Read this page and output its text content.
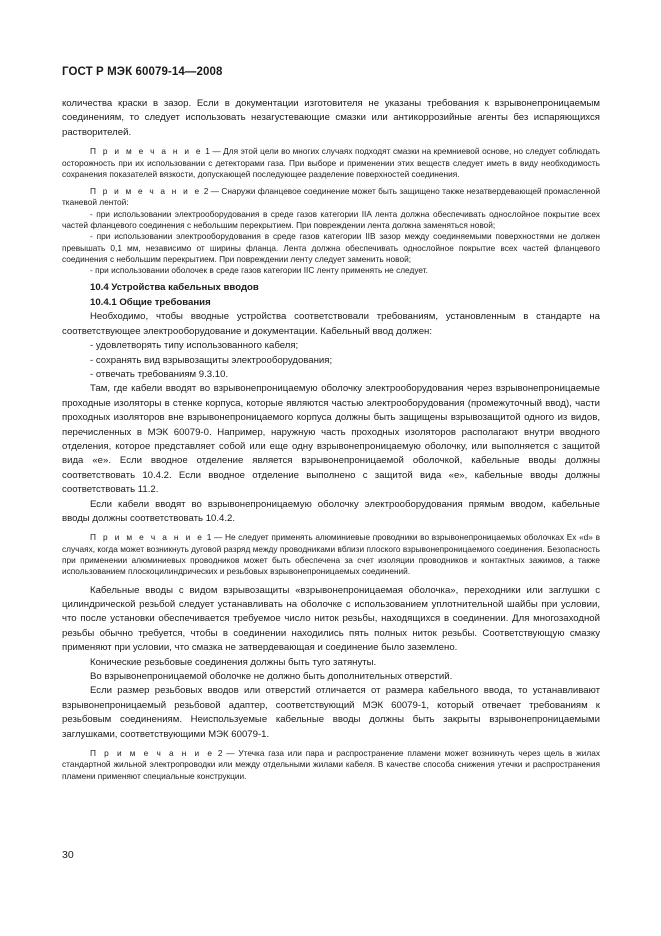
ГОСТ Р МЭК 60079-14—2008

количества краски в зазор. Если в документации изготовителя не указаны требования к взрывонепроницаемым соединениям, то следует использовать незагустевающие смазки или антикоррозийные агенты без испаряющихся растворителей.

П р и м е ч а н и е 1 — Для этой цели во многих случаях подходят смазки на кремниевой основе, но следует соблюдать осторожность при их использовании с детекторами газа. При выборе и применении этих веществ следует иметь в виду необходимость сохранения показателей вязкости, допускающей последующее разделение поверхностей соединения.

П р и м е ч а н и е 2 — Снаружи фланцевое соединение может быть защищено также незатвердевающей промасленной тканевой лентой:

- при использовании электрооборудования в среде газов категории IIA лента должна обеспечивать однослойное покрытие всех частей фланцевого соединения с небольшим перекрытием. При повреждении лента должна заменяться новой;

- при использовании электрооборудования в среде газов категории IIB зазор между соединяемыми поверхностями не должен превышать 0,1 мм, независимо от ширины фланца. Лента должна обеспечивать однослойное покрытие всех частей фланцевого соединения с небольшим перекрытием. При повреждении ленту следует заменить новой;

- при использовании оболочек в среде газов категории IIC ленту применять не следует.

10.4 Устройства кабельных вводов
10.4.1 Общие требования

Необходимо, чтобы вводные устройства соответствовали требованиям, установленным в стандарте на соответствующее электрооборудование и документации. Кабельный ввод должен:

- удовлетворять типу использованного кабеля;

- сохранять вид взрывозащиты электрооборудования;

- отвечать требованиям 9.3.10.

Там, где кабели вводят во взрывонепроницаемую оболочку электрооборудования через взрывонепроницаемые проходные изоляторы в стенке корпуса, которые являются частью электрооборудования (промежуточный ввод), части проходных изоляторов вне взрывонепроницаемого корпуса должны быть защищены взрывозащитой одного из видов, перечисленных в МЭК 60079-0. Например, наружную часть проходных изоляторов располагают внутри вводного отделения, которое представляет собой или еще одну взрывонепроницаемую оболочку, или выполняется с защитой вида «е». Если вводное отделение является взрывонепроницаемой оболочкой, кабельные вводы должны соответствовать 10.4.2. Если вводное отделение выполнено с защитой вида «е», кабельные вводы должны соответствовать 11.2.

Если кабели вводят во взрывонепроницаемую оболочку электрооборудования прямым вводом, кабельные вводы должны соответствовать 10.4.2.

П р и м е ч а н и е 1 — Не следует применять алюминиевые проводники во взрывонепроницаемых оболочках Ex «d» в случаях, когда может возникнуть дуговой разряд между проводниками вблизи плоского взрывонепроницаемого соединения. Безопасность при применении алюминиевых проводников может быть обеспечена за счет изоляции проводников и контактных зажимов, а также использованием плоскоцилиндрических и резьбовых взрывонепроницаемых соединений.

Кабельные вводы с видом взрывозащиты «взрывонепроницаемая оболочка», переходники или заглушки с цилиндрической резьбой следует устанавливать на оболочке с использованием уплотнительной шайбы при условии, что после установки обеспечивается требуемое число ниток резьбы, находящихся в соединении. Для многозаходной резьбы обычно требуется, чтобы в соединении находились пять полных ниток резьбы. Соответствующую смазку применяют при условии, что смазка не затвердевающая и соединение было заземлено.

Конические резьбовые соединения должны быть туго затянуты.

Во взрывонепроницаемой оболочке не должно быть дополнительных отверстий.

Если размер резьбовых вводов или отверстий отличается от размера кабельного ввода, то устанавливают взрывонепроницаемый резьбовой адаптер, соответствующий МЭК 60079-1, который отвечает требованиям к резьбовым соединениям. Неиспользуемые кабельные вводы должны быть закрыты взрывонепроницаемыми заглушками, соответствующими МЭК 60079-1.

П р и м е ч а н и е 2 — Утечка газа или пара и распространение пламени может возникнуть через щель в жилах стандартной жильной электропроводки или между отдельными жилами кабеля. В качестве способа снижения утечки и распространения пламени применяют специальные конструкции.

30
